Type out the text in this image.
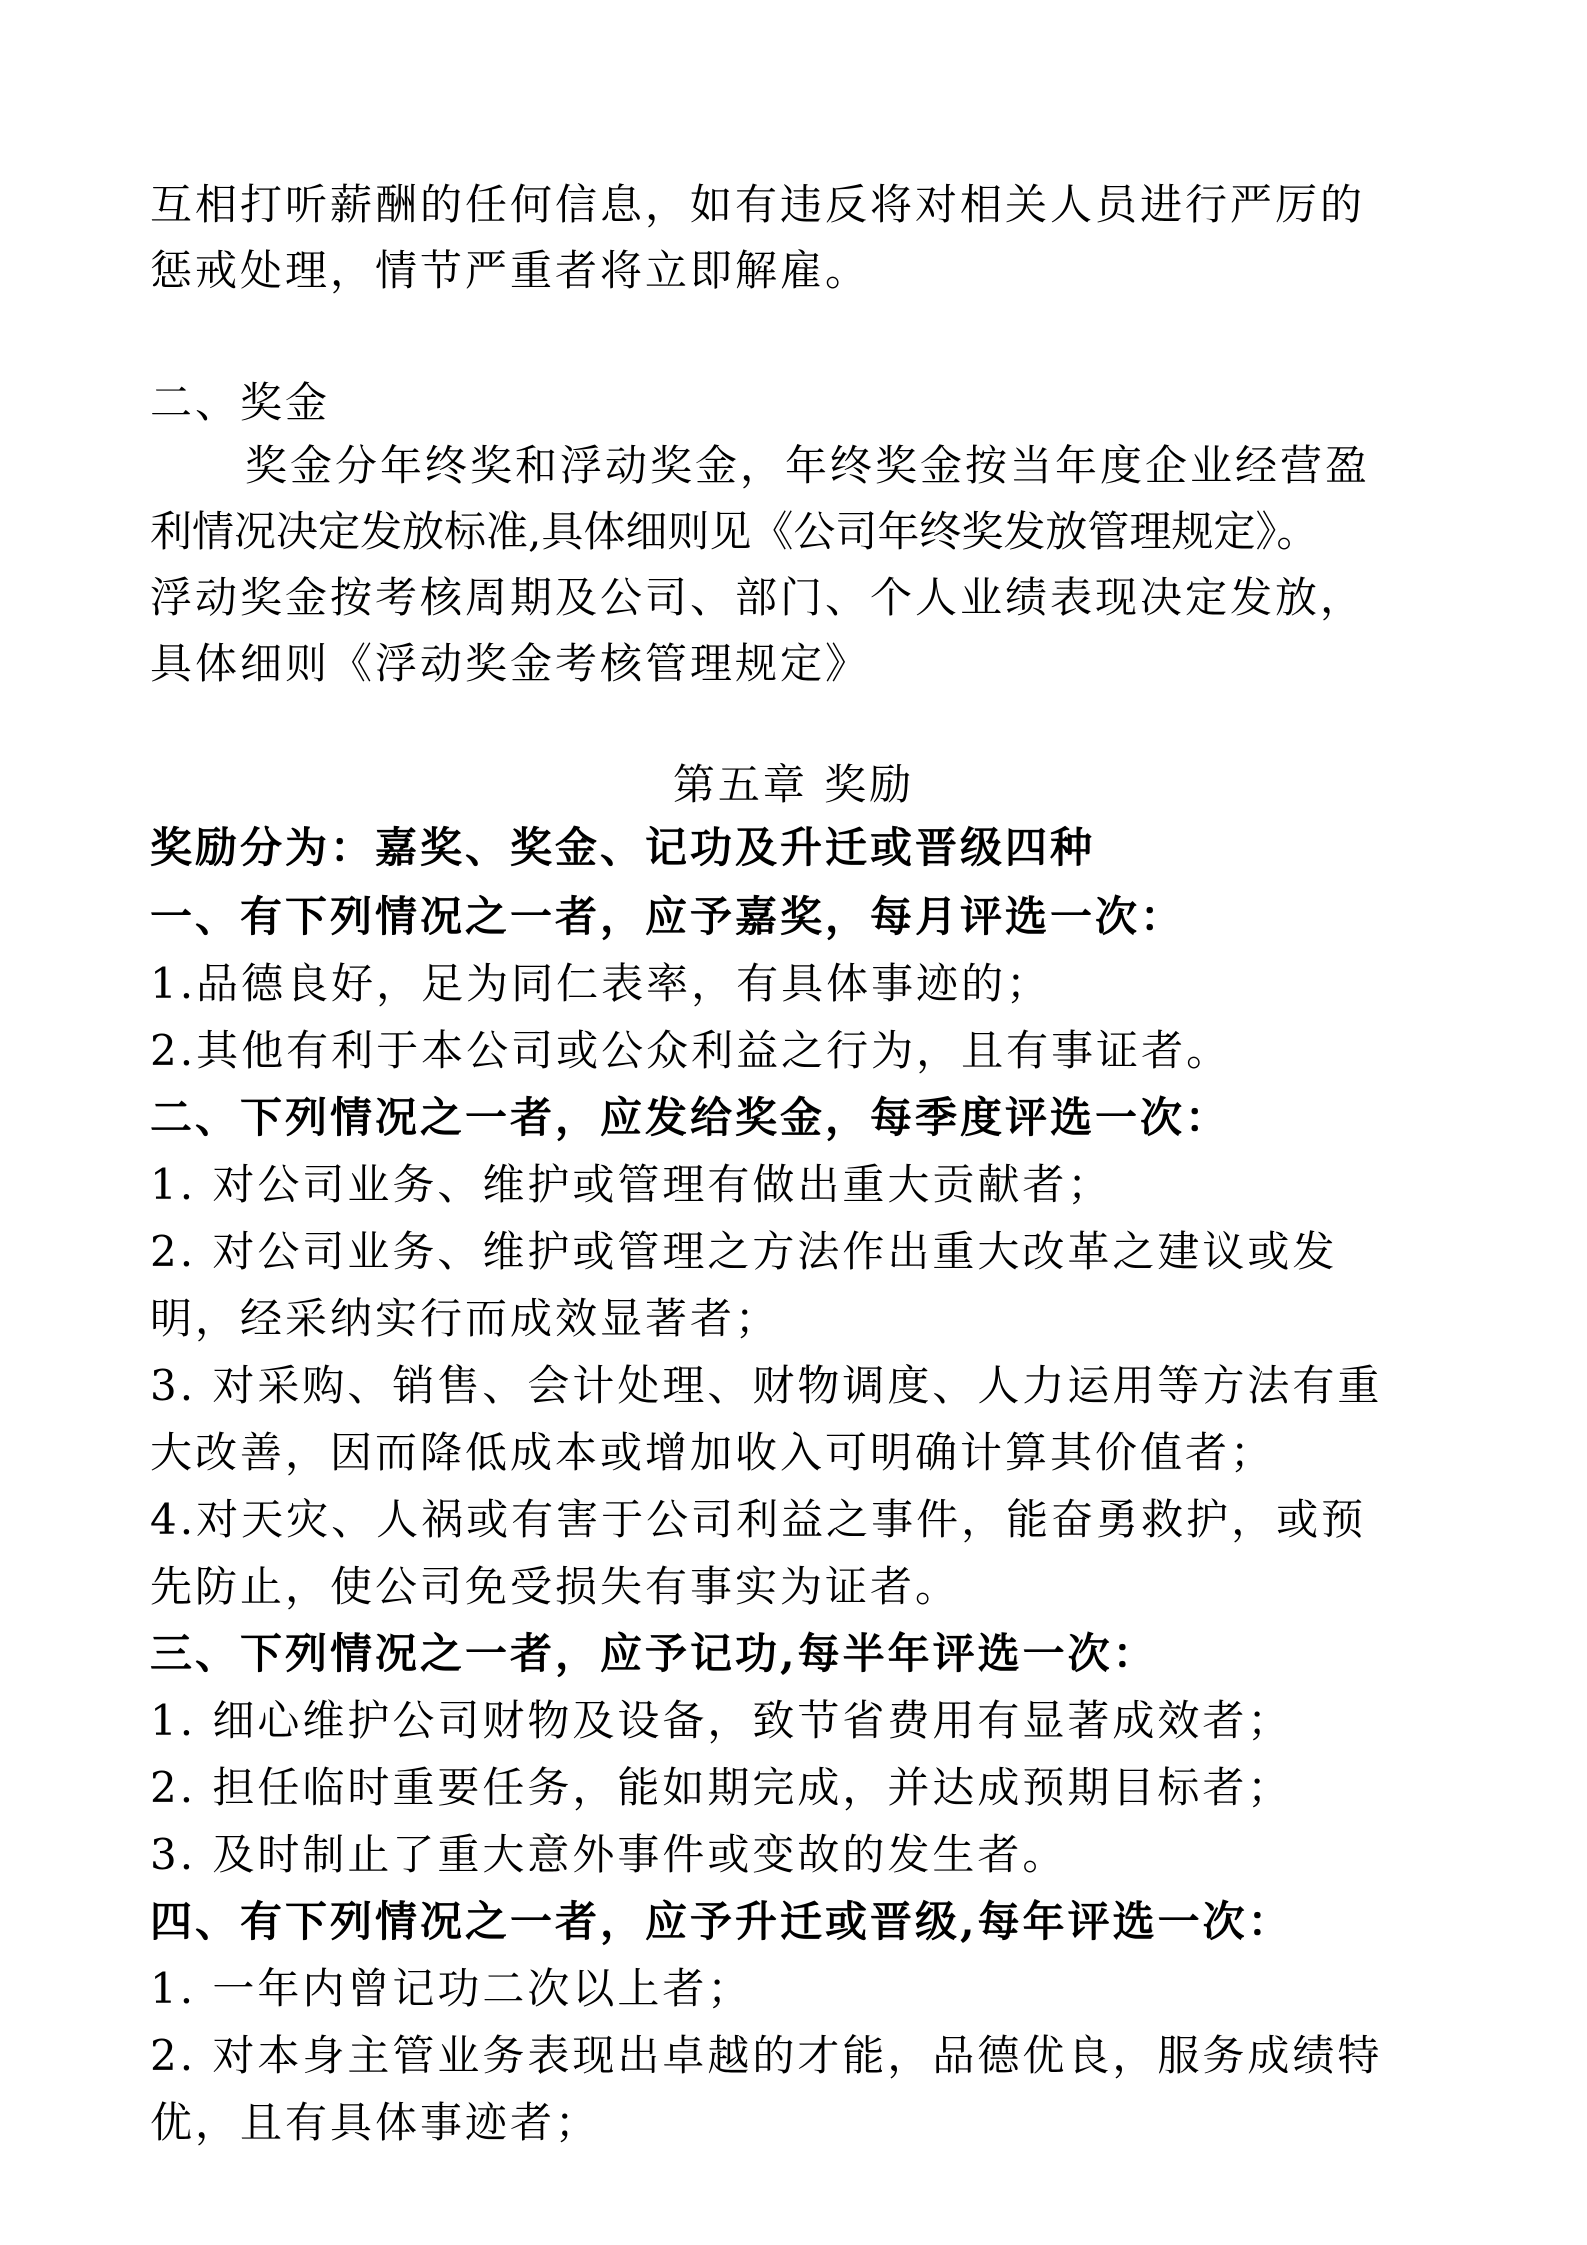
互相打听薪酬的任何信息，如有违反将对相关人员进行严厉的
惩戒处理，情节严重者将立即解雇。
二、奖金
奖金分年终奖和浮动奖金，年终奖金按当年度企业经营盈
利情况决定发放标准,具体细则见《公司年终奖发放管理规定》。
浮动奖金按考核周期及公司、部门、个人业绩表现决定发放，
具体细则《浮动奖金考核管理规定》
第五章 奖励
奖励分为：嘉奖、奖金、记功及升迁或晋级四种
一、有下列情况之一者，应予嘉奖，每月评选一次：
1.品德良好，足为同仁表率，有具体事迹的；
2.其他有利于本公司或公众利益之行为，且有事证者。
二、下列情况之一者，应发给奖金，每季度评选一次：
1. 对公司业务、维护或管理有做出重大贡献者；
2. 对公司业务、维护或管理之方法作出重大改革之建议或发
明，经采纳实行而成效显著者；
3. 对采购、销售、会计处理、财物调度、人力运用等方法有重
大改善，因而降低成本或增加收入可明确计算其价值者；
4.对天灾、人祸或有害于公司利益之事件，能奋勇救护，或预
先防止，使公司免受损失有事实为证者。
三、下列情况之一者，应予记功,每半年评选一次：
1. 细心维护公司财物及设备，致节省费用有显著成效者；
2. 担任临时重要任务，能如期完成，并达成预期目标者；
3. 及时制止了重大意外事件或变故的发生者。
四、有下列情况之一者，应予升迁或晋级,每年评选一次：
1. 一年内曾记功二次以上者；
2. 对本身主管业务表现出卓越的才能，品德优良，服务成绩特
优，且有具体事迹者；
